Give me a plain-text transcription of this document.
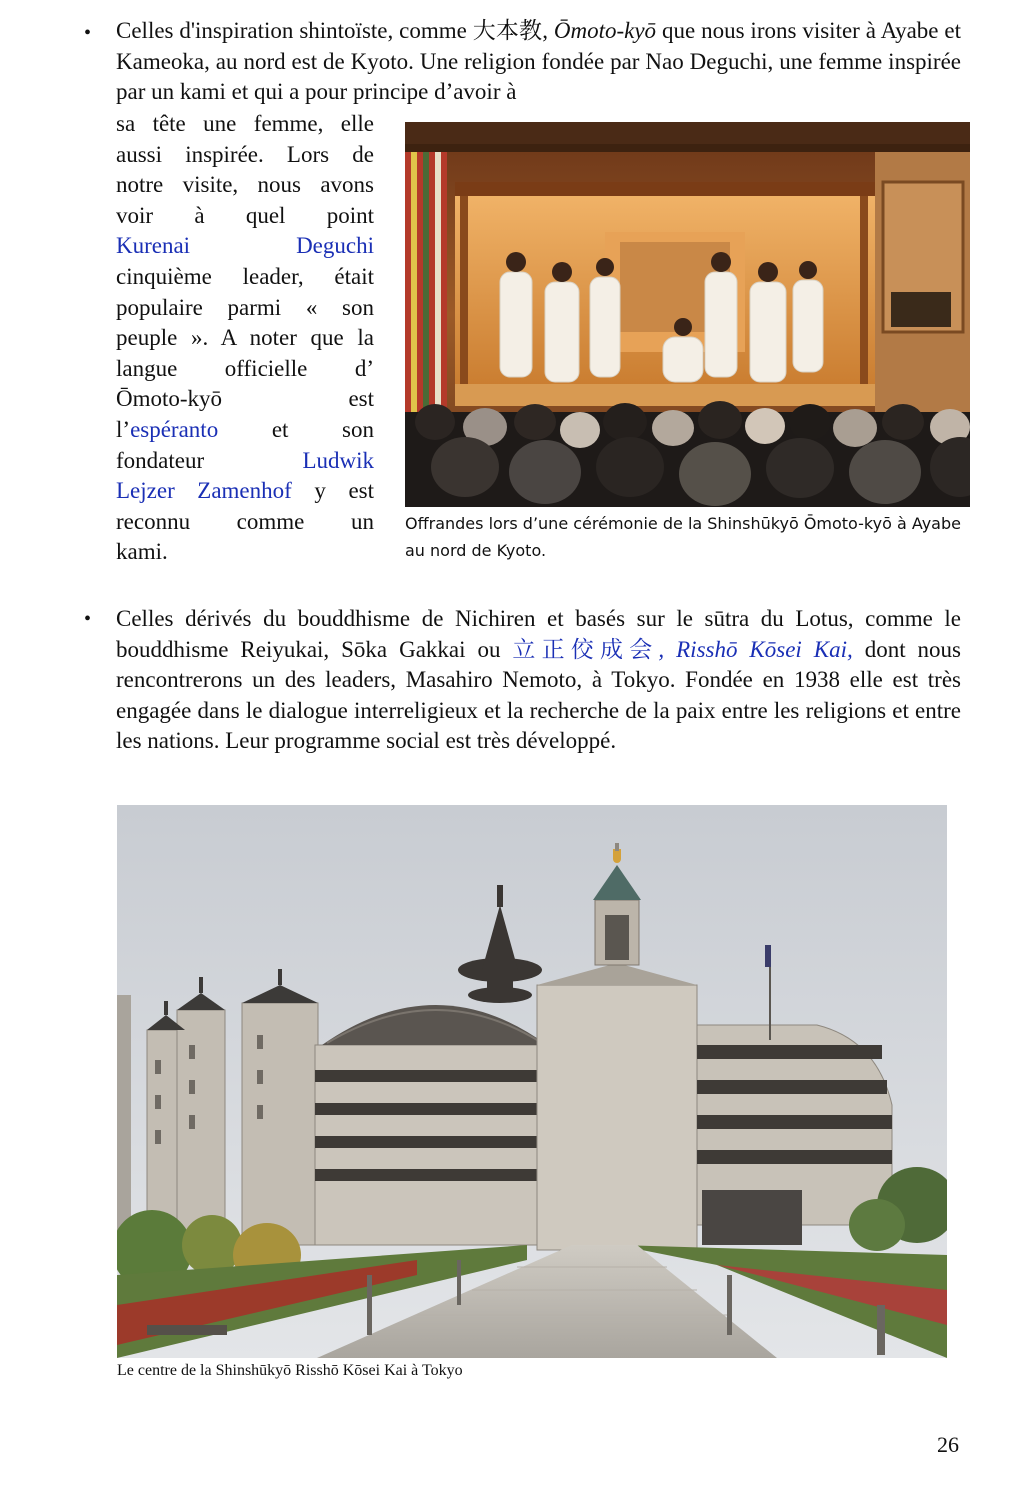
• Celles d'inspiration shintoïste, comme 大本教, Ōmoto-kyō que nous irons visiter à Ayabe et Kameoka, au nord est de Kyoto. Une religion fondée par Nao Deguchi, une femme inspirée par un kami et qui a pour principe d’avoir à
sa tête une femme, elle
aussi inspirée. Lors de
notre visite, nous avons
voir à quel point
Kurenai Deguchi
cinquième leader, était
populaire parmi « son
peuple ». A noter que la
langue officielle d’
Ōmoto-kyō est
l’espéranto et son
fondateur Ludwik
Lejzer Zamenhof y est
reconnu comme un
kami.
Offrandes lors d’une cérémonie de la Shinshūkyō Ōmoto-kyō à Ayabe au nord de Kyoto.
• Celles dérivés du bouddhisme de Nichiren et basés sur le sūtra du Lotus, comme le bouddhisme Reiyukai, Sōka Gakkai ou 立正佼成会, Risshō Kōsei Kai, dont nous rencontrerons un des leaders, Masahiro Nemoto, à Tokyo. Fondée en 1938 elle est très engagée dans le dialogue interreligieux et la recherche de la paix entre les religions et entre les nations. Leur programme social est très développé.
Le centre de la Shinshūkyō Risshō Kōsei Kai à Tokyo
26
